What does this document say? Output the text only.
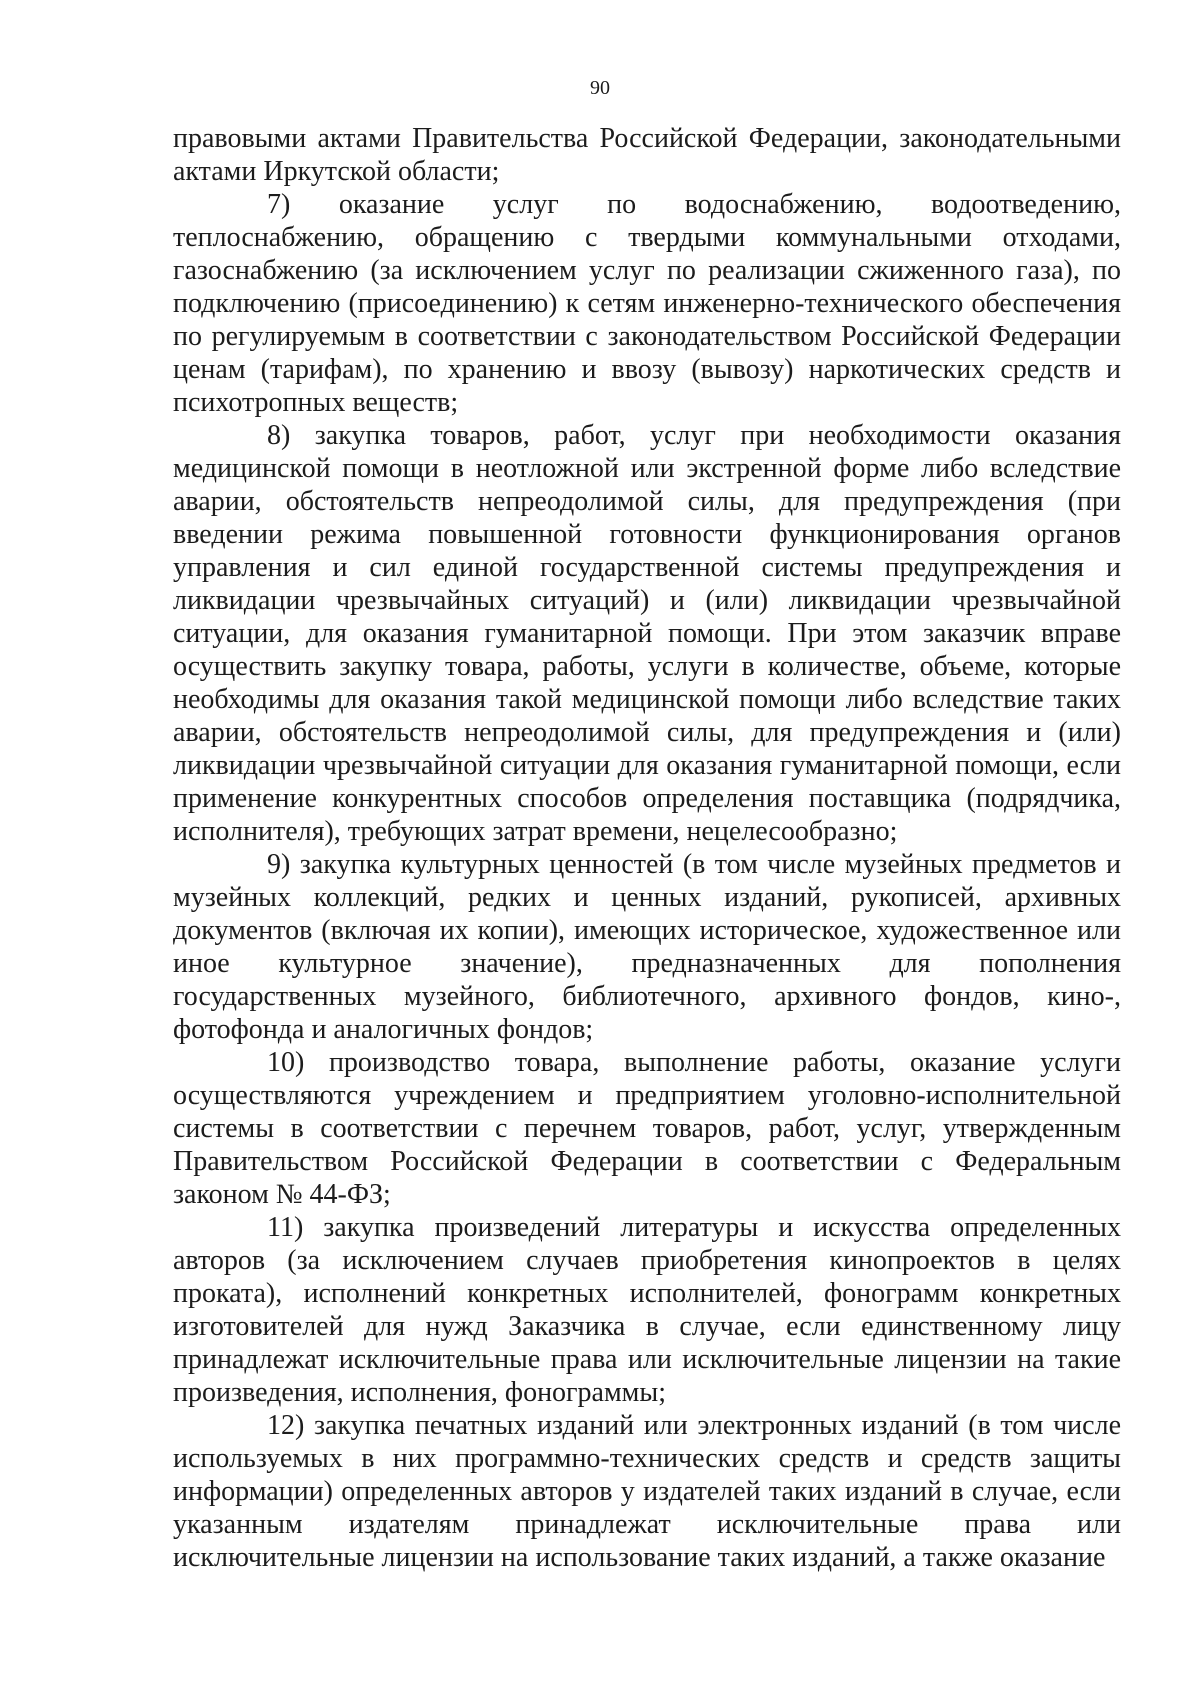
90

правовыми актами Правительства Российской Федерации, законодательными актами Иркутской области;

7) оказание услуг по водоснабжению, водоотведению, теплоснабжению, обращению с твердыми коммунальными отходами, газоснабжению (за исключением услуг по реализации сжиженного газа), по подключению (присоединению) к сетям инженерно-технического обеспечения по регулируемым в соответствии с законодательством Российской Федерации ценам (тарифам), по хранению и ввозу (вывозу) наркотических средств и психотропных веществ;

8) закупка товаров, работ, услуг при необходимости оказания медицинской помощи в неотложной или экстренной форме либо вследствие аварии, обстоятельств непреодолимой силы, для предупреждения (при введении режима повышенной готовности функционирования органов управления и сил единой государственной системы предупреждения и ликвидации чрезвычайных ситуаций) и (или) ликвидации чрезвычайной ситуации, для оказания гуманитарной помощи. При этом заказчик вправе осуществить закупку товара, работы, услуги в количестве, объеме, которые необходимы для оказания такой медицинской помощи либо вследствие таких аварии, обстоятельств непреодолимой силы, для предупреждения и (или) ликвидации чрезвычайной ситуации для оказания гуманитарной помощи, если применение конкурентных способов определения поставщика (подрядчика, исполнителя), требующих затрат времени, нецелесообразно;

9) закупка культурных ценностей (в том числе музейных предметов и музейных коллекций, редких и ценных изданий, рукописей, архивных документов (включая их копии), имеющих историческое, художественное или иное культурное значение), предназначенных для пополнения государственных музейного, библиотечного, архивного фондов, кино-, фотофонда и аналогичных фондов;

10) производство товара, выполнение работы, оказание услуги осуществляются учреждением и предприятием уголовно-исполнительной системы в соответствии с перечнем товаров, работ, услуг, утвержденным Правительством Российской Федерации в соответствии с Федеральным законом № 44-ФЗ;

11) закупка произведений литературы и искусства определенных авторов (за исключением случаев приобретения кинопроектов в целях проката), исполнений конкретных исполнителей, фонограмм конкретных изготовителей для нужд Заказчика в случае, если единственному лицу принадлежат исключительные права или исключительные лицензии на такие произведения, исполнения, фонограммы;

12) закупка печатных изданий или электронных изданий (в том числе используемых в них программно-технических средств и средств защиты информации) определенных авторов у издателей таких изданий в случае, если указанным издателям принадлежат исключительные права или исключительные лицензии на использование таких изданий, а также оказание
